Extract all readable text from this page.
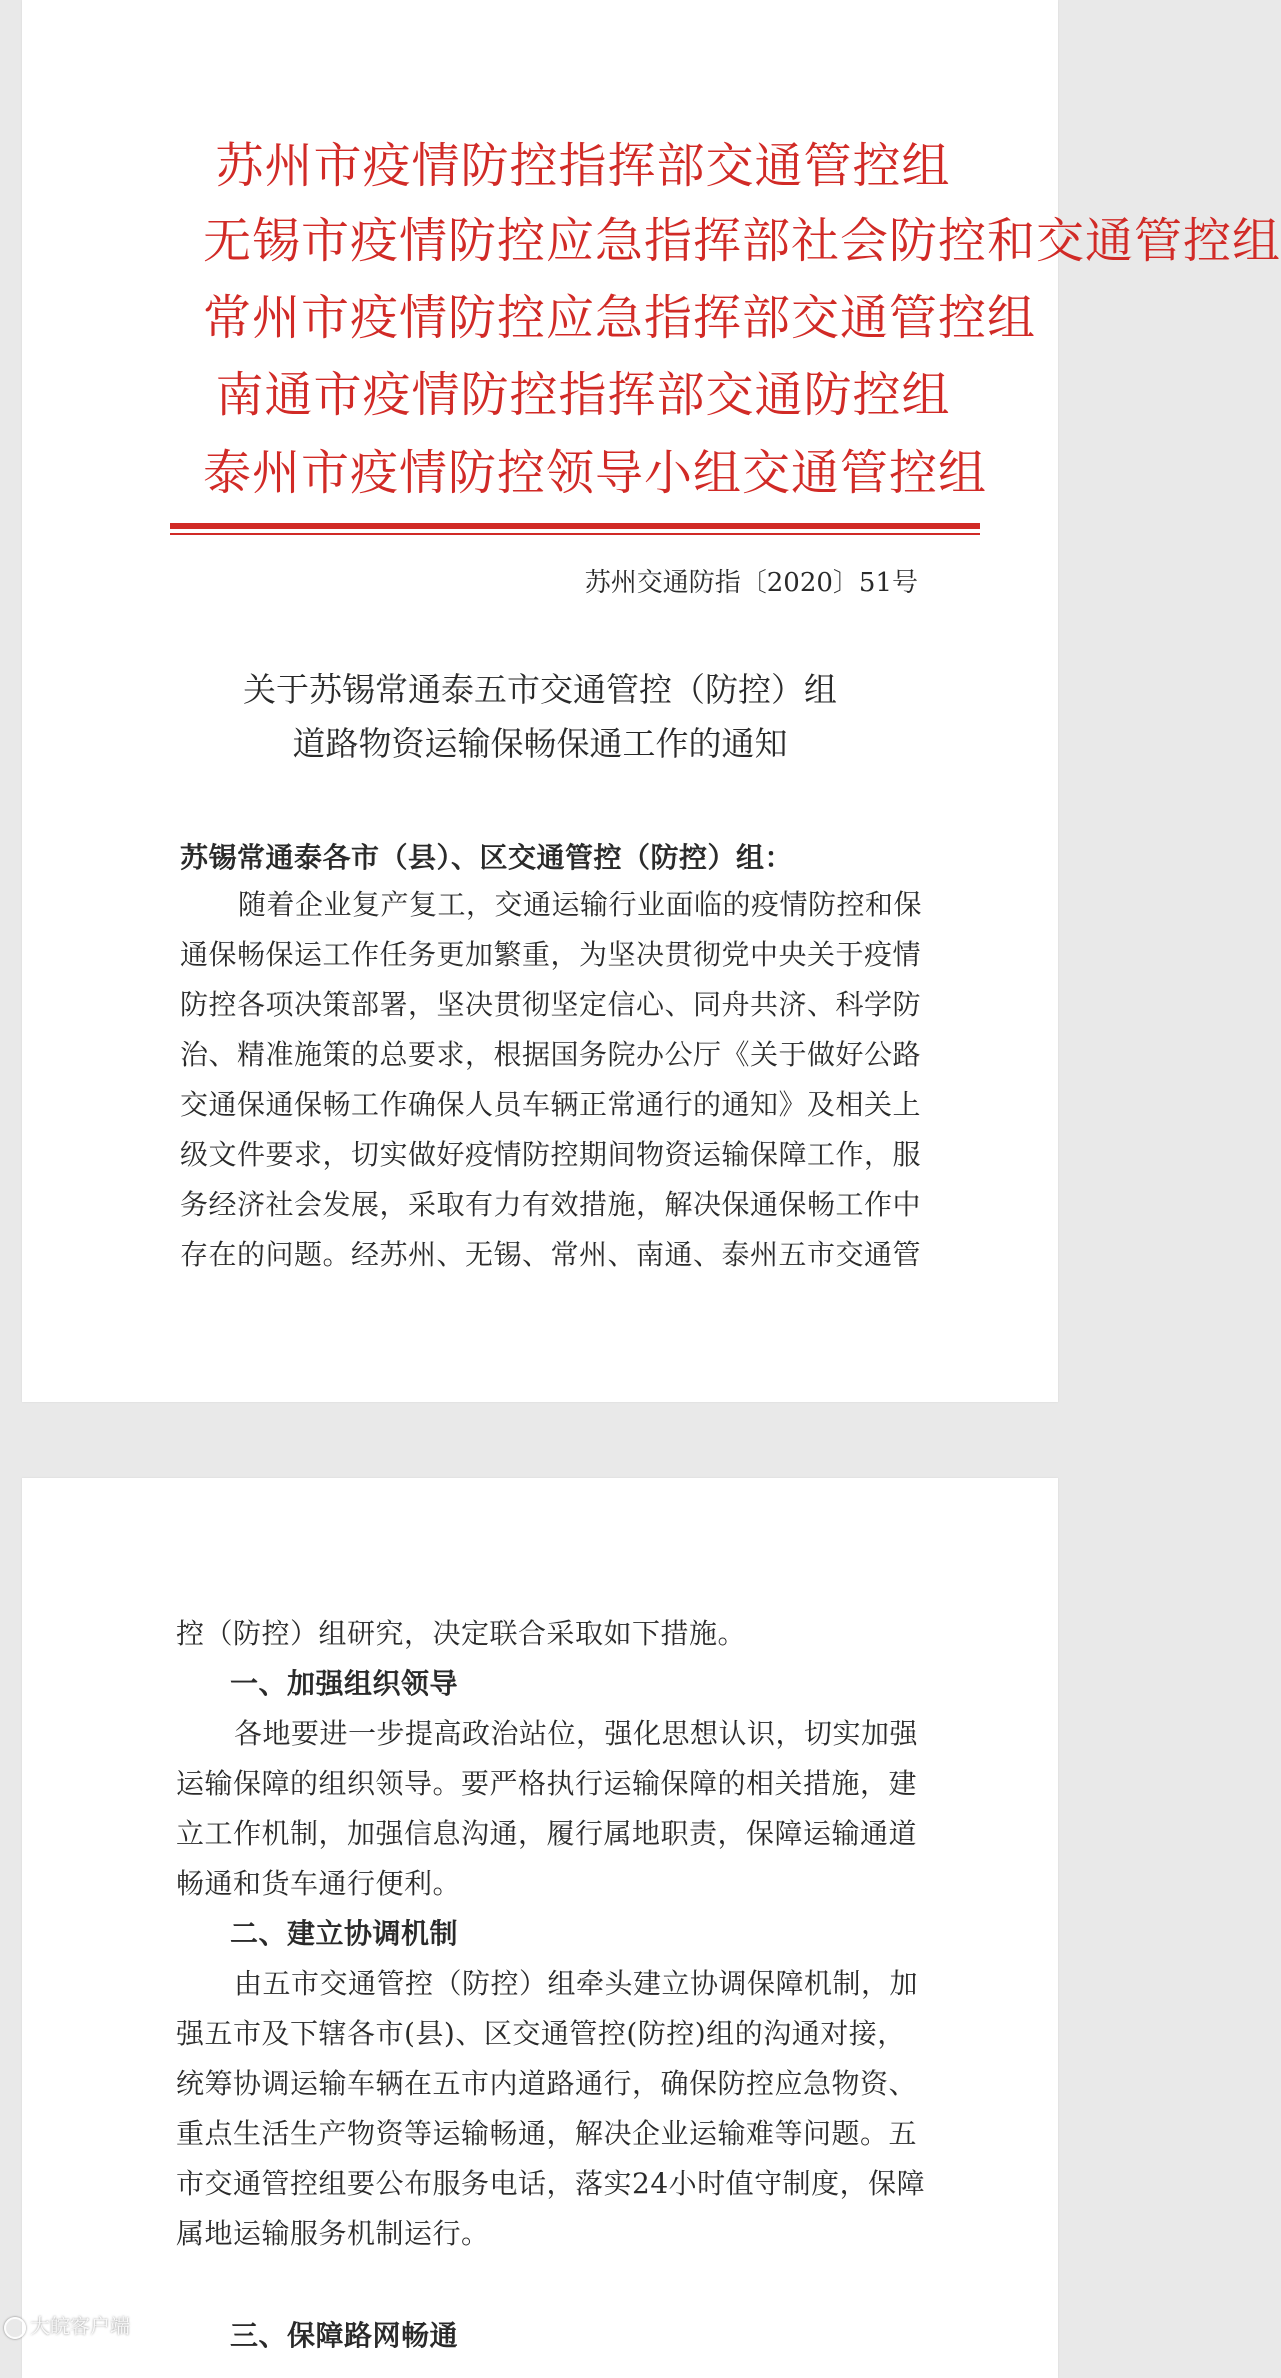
苏州市疫情防控指挥部交通管控组
无锡市疫情防控应急指挥部社会防控和交通管控组
常州市疫情防控应急指挥部交通管控组
南通市疫情防控指挥部交通防控组
泰州市疫情防控领导小组交通管控组
苏州交通防指〔2020〕51号
关于苏锡常通泰五市交通管控（防控）组
道路物资运输保畅保通工作的通知
苏锡常通泰各市（县）、区交通管控（防控）组：
随着企业复产复工，交通运输行业面临的疫情防控和保
通保畅保运工作任务更加繁重，为坚决贯彻党中央关于疫情
防控各项决策部署，坚决贯彻坚定信心、同舟共济、科学防
治、精准施策的总要求，根据国务院办公厅《关于做好公路
交通保通保畅工作确保人员车辆正常通行的通知》及相关上
级文件要求，切实做好疫情防控期间物资运输保障工作，服
务经济社会发展，采取有力有效措施，解决保通保畅工作中
存在的问题。经苏州、无锡、常州、南通、泰州五市交通管
控（防控）组研究，决定联合采取如下措施。
一、加强组织领导
各地要进一步提高政治站位，强化思想认识，切实加强
运输保障的组织领导。要严格执行运输保障的相关措施，建
立工作机制，加强信息沟通，履行属地职责，保障运输通道
畅通和货车通行便利。
二、建立协调机制
由五市交通管控（防控）组牵头建立协调保障机制，加
强五市及下辖各市(县)、区交通管控(防控)组的沟通对接，
统筹协调运输车辆在五市内道路通行，确保防控应急物资、
重点生活生产物资等运输畅通，解决企业运输难等问题。五
市交通管控组要公布服务电话，落实24小时值守制度，保障
属地运输服务机制运行。
三、保障路网畅通
大皖客户端
